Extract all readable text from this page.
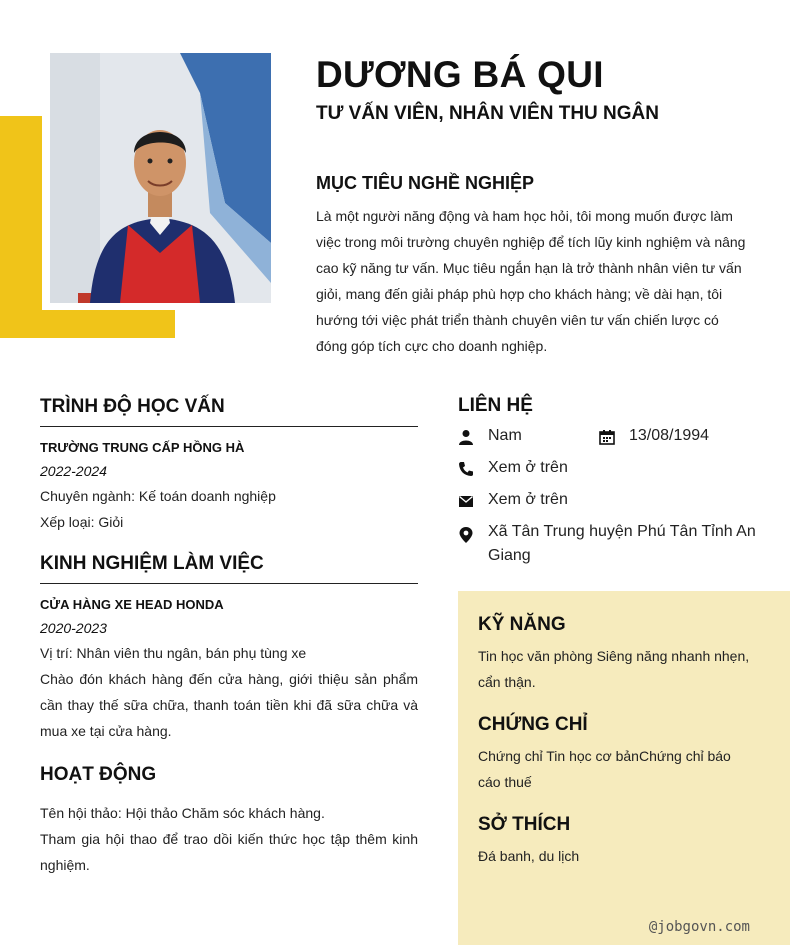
DƯƠNG BÁ QUI
TƯ VẤN VIÊN, NHÂN VIÊN THU NGÂN
MỤC TIÊU NGHỀ NGHIỆP

Là một người năng động và ham học hỏi, tôi mong muốn được làm việc trong môi trường chuyên nghiệp để tích lũy kinh nghiệm và nâng cao kỹ năng tư vấn. Mục tiêu ngắn hạn là trở thành nhân viên tư vấn giỏi, mang đến giải pháp phù hợp cho khách hàng; về dài hạn, tôi hướng tới việc phát triển thành chuyên viên tư vấn chiến lược có đóng góp tích cực cho doanh nghiệp.

TRÌNH ĐỘ HỌC VẤN

TRƯỜNG TRUNG CẤP HỒNG HÀ

2022-2024

Chuyên ngành: Kế toán doanh nghiệp

Xếp loại: Giỏi

KINH NGHIỆM LÀM VIỆC

CỬA HÀNG XE HEAD HONDA

2020-2023

Vị trí: Nhân viên thu ngân, bán phụ tùng xe

Chào đón khách hàng đến cửa hàng, giới thiệu sản phẩm cần thay thế sữa chữa, thanh toán tiền khi đã sữa chữa và mua xe tại cửa hàng.

HOẠT ĐỘNG

Tên hội thảo: Hội thảo Chăm sóc khách hàng.

Tham gia hội thao để trao dồi kiến thức học tập thêm kinh nghiệm.

LIÊN HỆ
Nam	13/08/1994
Xem ở trên
Xem ở trên
Xã Tân Trung huyện Phú Tân Tỉnh An Giang
KỸ NĂNG

Tin học văn phòng Siêng năng nhanh nhẹn, cẩn thận.

CHỨNG CHỈ

Chứng chỉ Tin học cơ bảnChứng chỉ báo cáo thuế

SỞ THÍCH

Đá banh, du lịch

@jobgovn.com
